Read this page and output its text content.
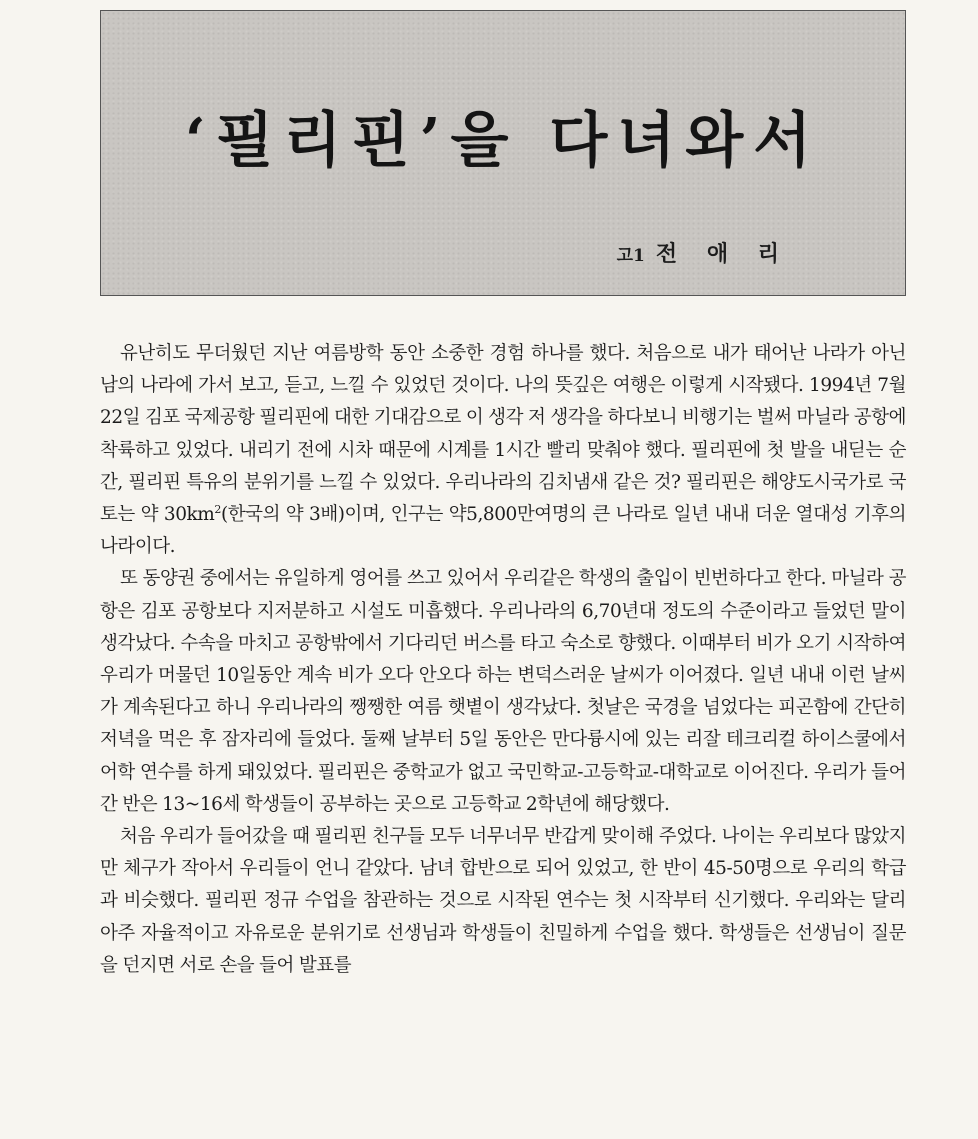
‘필리핀’을 다녀와서
고1 전 애 리

유난히도 무더웠던 지난 여름방학 동안 소중한 경험 하나를 했다. 처음으로 내가 태어난 나라가 아닌 남의 나라에 가서 보고, 듣고, 느낄 수 있었던 것이다. 나의 뜻깊은 여행은 이렇게 시작됐다. 1994년 7월 22일 김포 국제공항 필리핀에 대한 기대감으로 이 생각 저 생각을 하다보니 비행기는 벌써 마닐라 공항에 착륙하고 있었다. 내리기 전에 시차 때문에 시계를 1시간 빨리 맞춰야 했다. 필리핀에 첫 발을 내딛는 순간, 필리핀 특유의 분위기를 느낄 수 있었다. 우리나라의 김치냄새 같은 것? 필리핀은 해양도시국가로 국토는 약 $30km^2$(한국의 약 3배)이며, 인구는 약5,800만여명의 큰 나라로 일년 내내 더운 열대성 기후의 나라이다.

또 동양권 중에서는 유일하게 영어를 쓰고 있어서 우리같은 학생의 출입이 빈번하다고 한다. 마닐라 공항은 김포 공항보다 지저분하고 시설도 미흡했다. 우리나라의 6,70년대 정도의 수준이라고 들었던 말이 생각났다. 수속을 마치고 공항밖에서 기다리던 버스를 타고 숙소로 향했다. 이때부터 비가 오기 시작하여 우리가 머물던 10일동안 계속 비가 오다 안오다 하는 변덕스러운 날씨가 이어졌다. 일년 내내 이런 날씨가 계속된다고 하니 우리나라의 쨍쨍한 여름 햇볕이 생각났다. 첫날은 국경을 넘었다는 피곤함에 간단히 저녁을 먹은 후 잠자리에 들었다. 둘째 날부터 5일 동안은 만다륭시에 있는 리잘 테크리컬 하이스쿨에서 어학 연수를 하게 돼있었다. 필리핀은 중학교가 없고 국민학교-고등학교-대학교로 이어진다. 우리가 들어간 반은 13~16세 학생들이 공부하는 곳으로 고등학교 2학년에 해당했다.

처음 우리가 들어갔을 때 필리핀 친구들 모두 너무너무 반갑게 맞이해 주었다. 나이는 우리보다 많았지만 체구가 작아서 우리들이 언니 같았다. 남녀 합반으로 되어 있었고, 한 반이 45-50명으로 우리의 학급과 비슷했다. 필리핀 정규 수업을 참관하는 것으로 시작된 연수는 첫 시작부터 신기했다. 우리와는 달리 아주 자율적이고 자유로운 분위기로 선생님과 학생들이 친밀하게 수업을 했다. 학생들은 선생님이 질문을 던지면 서로 손을 들어 발표를
